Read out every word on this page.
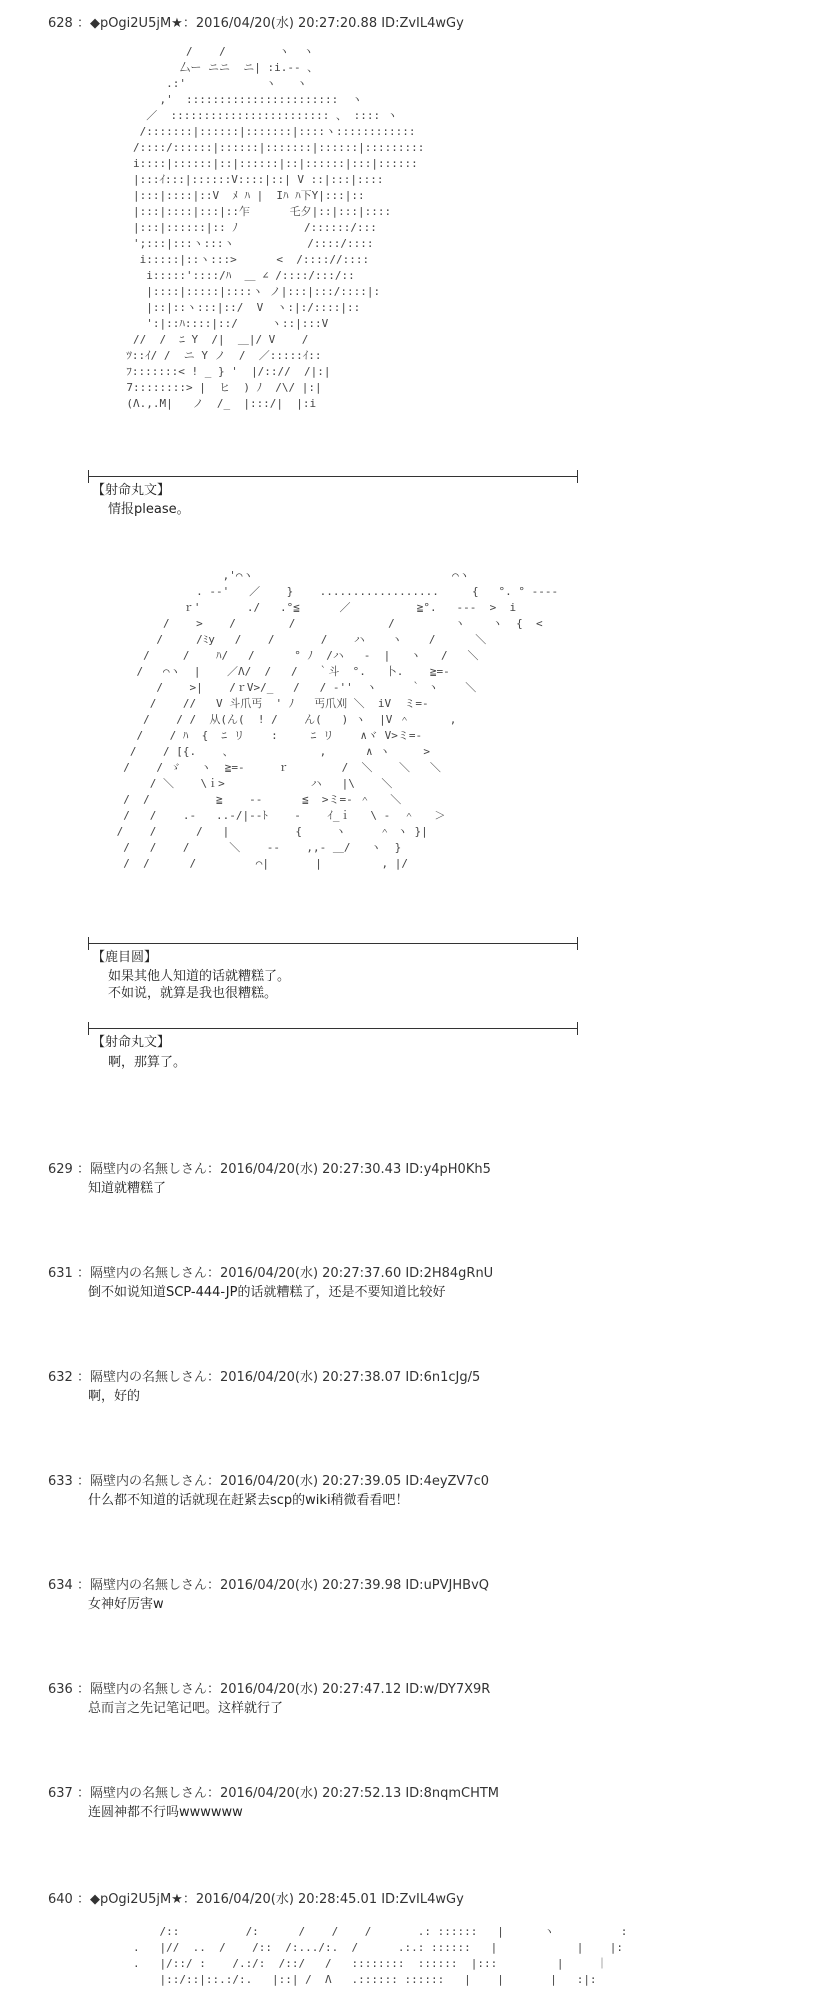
628 ：◆pOgi2U5jM★：2016/04/20(水) 20:27:20.88 ID:ZvIL4wGy
/    /        ヽ  ヽ
厶ー ニニ  ニ| :i.-- 、
.:'            ヽ   ヽ
,'  :::::::::::::::::::::::  ヽ
／  :::::::::::::::::::::::: 、 :::: ヽ
/:::::::|::::::|:::::::|::::ヽ::::::::::::
/::::/::::::|::::::|:::::::|::::::|:::::::::
i::::|::::::|::|::::::|::|::::::|:::|::::::
|:::ｲ:::|::::::V::::|::| V ::|:::|::::
|:::|::::|::V  ﾒ ﾊ |  Iﾊ ﾊ下Y|:::|::
|:::|::::|:::|::乍      乇夕|::|:::|::::
|:::|::::::|:: ﾉ          /::::::/:::
';:::|:::ヽ:::ヽ           /::::/::::
i:::::|::ヽ:::>      <  /:::://::::
i:::::'::::/ﾊ  ＿ ∠ /::::/:::/::
|::::|:::::|::::ヽ ノ|:::|:::/::::|:
|::|::ヽ:::|::/  V  ヽ:|:/::::|::
':|::ﾊ::::|::/     ヽ::|:::V
//  /  ﾆ Y  /|  ＿|/ V    /
ﾂ::ｲ/ /  ニ Y ノ  /  ／:::::ｲ::
ﾌ:::::::< ! _ } '  |/:://  /|:|
7::::::::> |  ヒ  ) ﾉ  /\/ |:|
(Λ.,.M|   ノ  /_  |:::/|  |:i

【射命丸文】
情报please。
,'⌒ヽ                              ⌒ヽ
. -‐'   ／    }    ..................     {   °. ° ‐---
ｒ'       ./   .°≦      ／          ≧°.   ---  >  i
/    >    /        /              /         ヽ    ヽ  {  <
/     /ﾐy   /    /       /    ハ    ヽ    /      ＼
/     /    ﾊ/   /      ° ﾉ  /ハ   ‐  |   ヽ   /   ＼
/   ⌒ヽ  |    ／Λ/  /   /   ｀斗  °.   卜.    ≧=-
/    >|    /ｒV>/_   /   / ‐''  ヽ     ｀ ヽ    ＼
/    //   V 斗爪丐  ' ﾉ   丐爪刈 ＼  iV  ミ=-
/    / /  从(ん(  ! /    ん(   ) ヽ  |V ＾      ,
/    / ﾊ  {  ﾆ リ    :     ﾆ リ    ∧ヾ V>ミ=-
/    / [{.    、             ,      ∧ ヽ     >
/    / ゞ   ヽ  ≧=-     ｒ        /  ＼    ＼   ＼
/ ＼    \ｉ>             ハ   |\    ＼
/  /          ≧    ‐-      ≦  >ミ=- ＾   ＼
/   /    .-   ..-/|‐‐ﾄ    -    ｲ_ｉ   \ -  ＾   ＞
/    /      /   |          {     ヽ     ＾ ヽ }|
/   /    /      ＼    ‐-    ,,- ＿/   ヽ  }
/  /      /         ⌒|       |         , |/

【鹿目圆】
如果其他人知道的话就糟糕了。
不如说，就算是我也很糟糕。
【射命丸文】
啊，那算了。
629 ：隔壁内の名無しさん：2016/04/20(水) 20:27:30.43 ID:y4pH0Kh5
知道就糟糕了
631 ：隔壁内の名無しさん：2016/04/20(水) 20:27:37.60 ID:2H84gRnU
倒不如说知道SCP-444-JP的话就糟糕了，还是不要知道比较好
632 ：隔壁内の名無しさん：2016/04/20(水) 20:27:38.07 ID:6n1cJg/5
啊，好的
633 ：隔壁内の名無しさん：2016/04/20(水) 20:27:39.05 ID:4eyZV7c0
什么都不知道的话就现在赶紧去scp的wiki稍微看看吧！
634 ：隔壁内の名無しさん：2016/04/20(水) 20:27:39.98 ID:uPVJHBvQ
女神好厉害w
636 ：隔壁内の名無しさん：2016/04/20(水) 20:27:47.12 ID:w/DY7X9R
总而言之先记笔记吧。这样就行了
637 ：隔壁内の名無しさん：2016/04/20(水) 20:27:52.13 ID:8nqmCHTM
连圆神都不行吗wwwwww
640 ：◆pOgi2U5jM★：2016/04/20(水) 20:28:45.01 ID:ZvIL4wGy
/::          /:      /    /    /       .: ::::::   |      ヽ          :
.   |//  ..  /    /::  /:.../:.  /      .:.: ::::::   |            |    |:
.   |/::/ :    /.:/:  /::/   /   ::::::::  ::::::  |:::         |     ｜
|::/::|::.:/:.   |::| /  Λ   .:::::: ::::::   |    |       |   :|:
